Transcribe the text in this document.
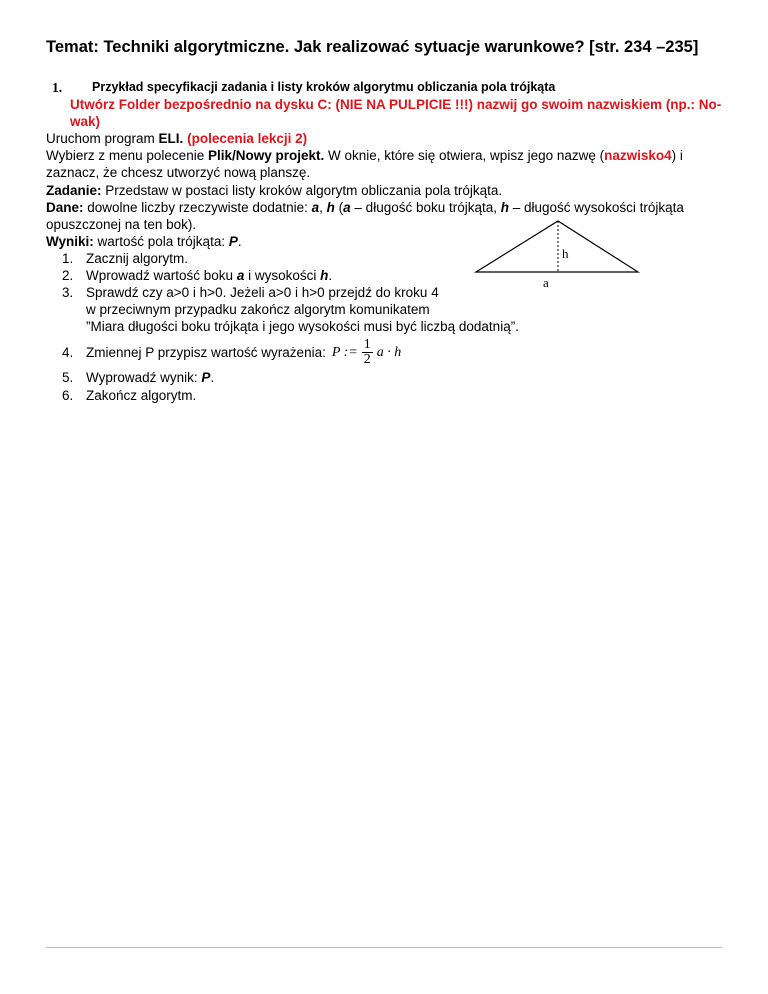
Temat: Techniki algorytmiczne. Jak realizować sytuacje warunkowe? [str. 234 –235]
1.	Przykład specyfikacji zadania i listy kroków algorytmu obliczania pola trójkąta
Utwórz Folder bezpośrednio na dysku C: (NIE NA PULPICIE !!!) nazwij go swoim nazwiskiem (np.: No-
wak)
Uruchom program ELI. (polecenia lekcji 2)
Wybierz z menu polecenie Plik/Nowy projekt. W oknie, które się otwiera, wpisz jego nazwę (nazwisko4) i
zaznacz, że chcesz utworzyć nową planszę.
Zadanie: Przedstaw w postaci listy kroków algorytm obliczania pola trójkąta.
Dane: dowolne liczby rzeczywiste dodatnie: a, h (a – długość boku trójkąta, h – długość wysokości trójkąta
opuszczonej na ten bok).
Wyniki: wartość pola trójkąta: P.
1. Zacznij algorytm.
2. Wprowadź wartość boku a i wysokości h.
3. Sprawdź czy a>0 i h>0. Jeżeli a>0 i h>0 przejdź do kroku 4
w przeciwnym przypadku zakończ algorytm komunikatem
”Miara długości boku trójkąta i jego wysokości musi być liczbą dodatnią”.
4. Zmiennej P przypisz wartość wyrażenia: P := $\frac{1}{2}$ a · h
5. Wyprowadź wynik: P.
6. Zakończ algorytm.
h
a
